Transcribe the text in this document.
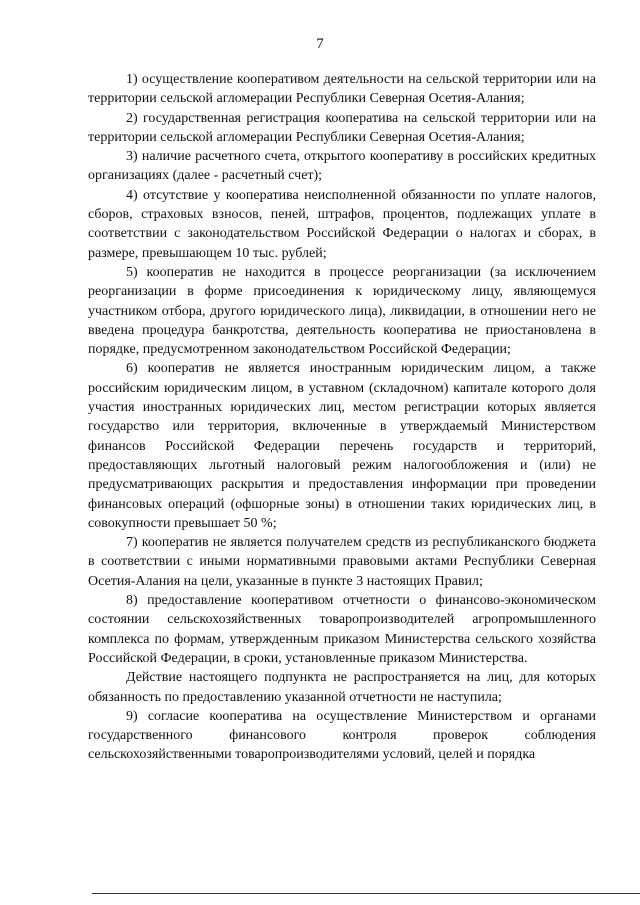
7

1) осуществление кооперативом деятельности на сельской территории или на территории сельской агломерации Республики Северная Осетия-Алания;

2) государственная регистрация кооператива на сельской территории или на территории сельской агломерации Республики Северная Осетия-Алания;

3) наличие расчетного счета, открытого кооперативу в российских кредитных организациях (далее - расчетный счет);

4) отсутствие у кооператива неисполненной обязанности по уплате налогов, сборов, страховых взносов, пеней, штрафов, процентов, подлежащих уплате в соответствии с законодательством Российской Федерации о налогах и сборах, в размере, превышающем 10 тыс. рублей;

5) кооператив не находится в процессе реорганизации (за исключением реорганизации в форме присоединения к юридическому лицу, являющемуся участником отбора, другого юридического лица), ликвидации, в отношении него не введена процедура банкротства, деятельность кооператива не приостановлена в порядке, предусмотренном законодательством Российской Федерации;

6) кооператив не является иностранным юридическим лицом, а также российским юридическим лицом, в уставном (складочном) капитале которого доля участия иностранных юридических лиц, местом регистрации которых является государство или территория, включенные в утверждаемый Министерством финансов Российской Федерации перечень государств и территорий, предоставляющих льготный налоговый режим налогообложения и (или) не предусматривающих раскрытия и предоставления информации при проведении финансовых операций (офшорные зоны) в отношении таких юридических лиц, в совокупности превышает 50 %;

7) кооператив не является получателем средств из республиканского бюджета в соответствии с иными нормативными правовыми актами Республики Северная Осетия-Алания на цели, указанные в пункте 3 настоящих Правил;

8) предоставление кооперативом отчетности о финансово-экономическом состоянии сельскохозяйственных товаропроизводителей агропромышленного комплекса по формам, утвержденным приказом Министерства сельского хозяйства Российской Федерации, в сроки, установленные приказом Министерства.

Действие настоящего подпункта не распространяется на лиц, для которых обязанность по предоставлению указанной отчетности не наступила;

9) согласие кооператива на осуществление Министерством и органами государственного финансового контроля проверок соблюдения сельскохозяйственными товаропроизводителями условий, целей и порядка
